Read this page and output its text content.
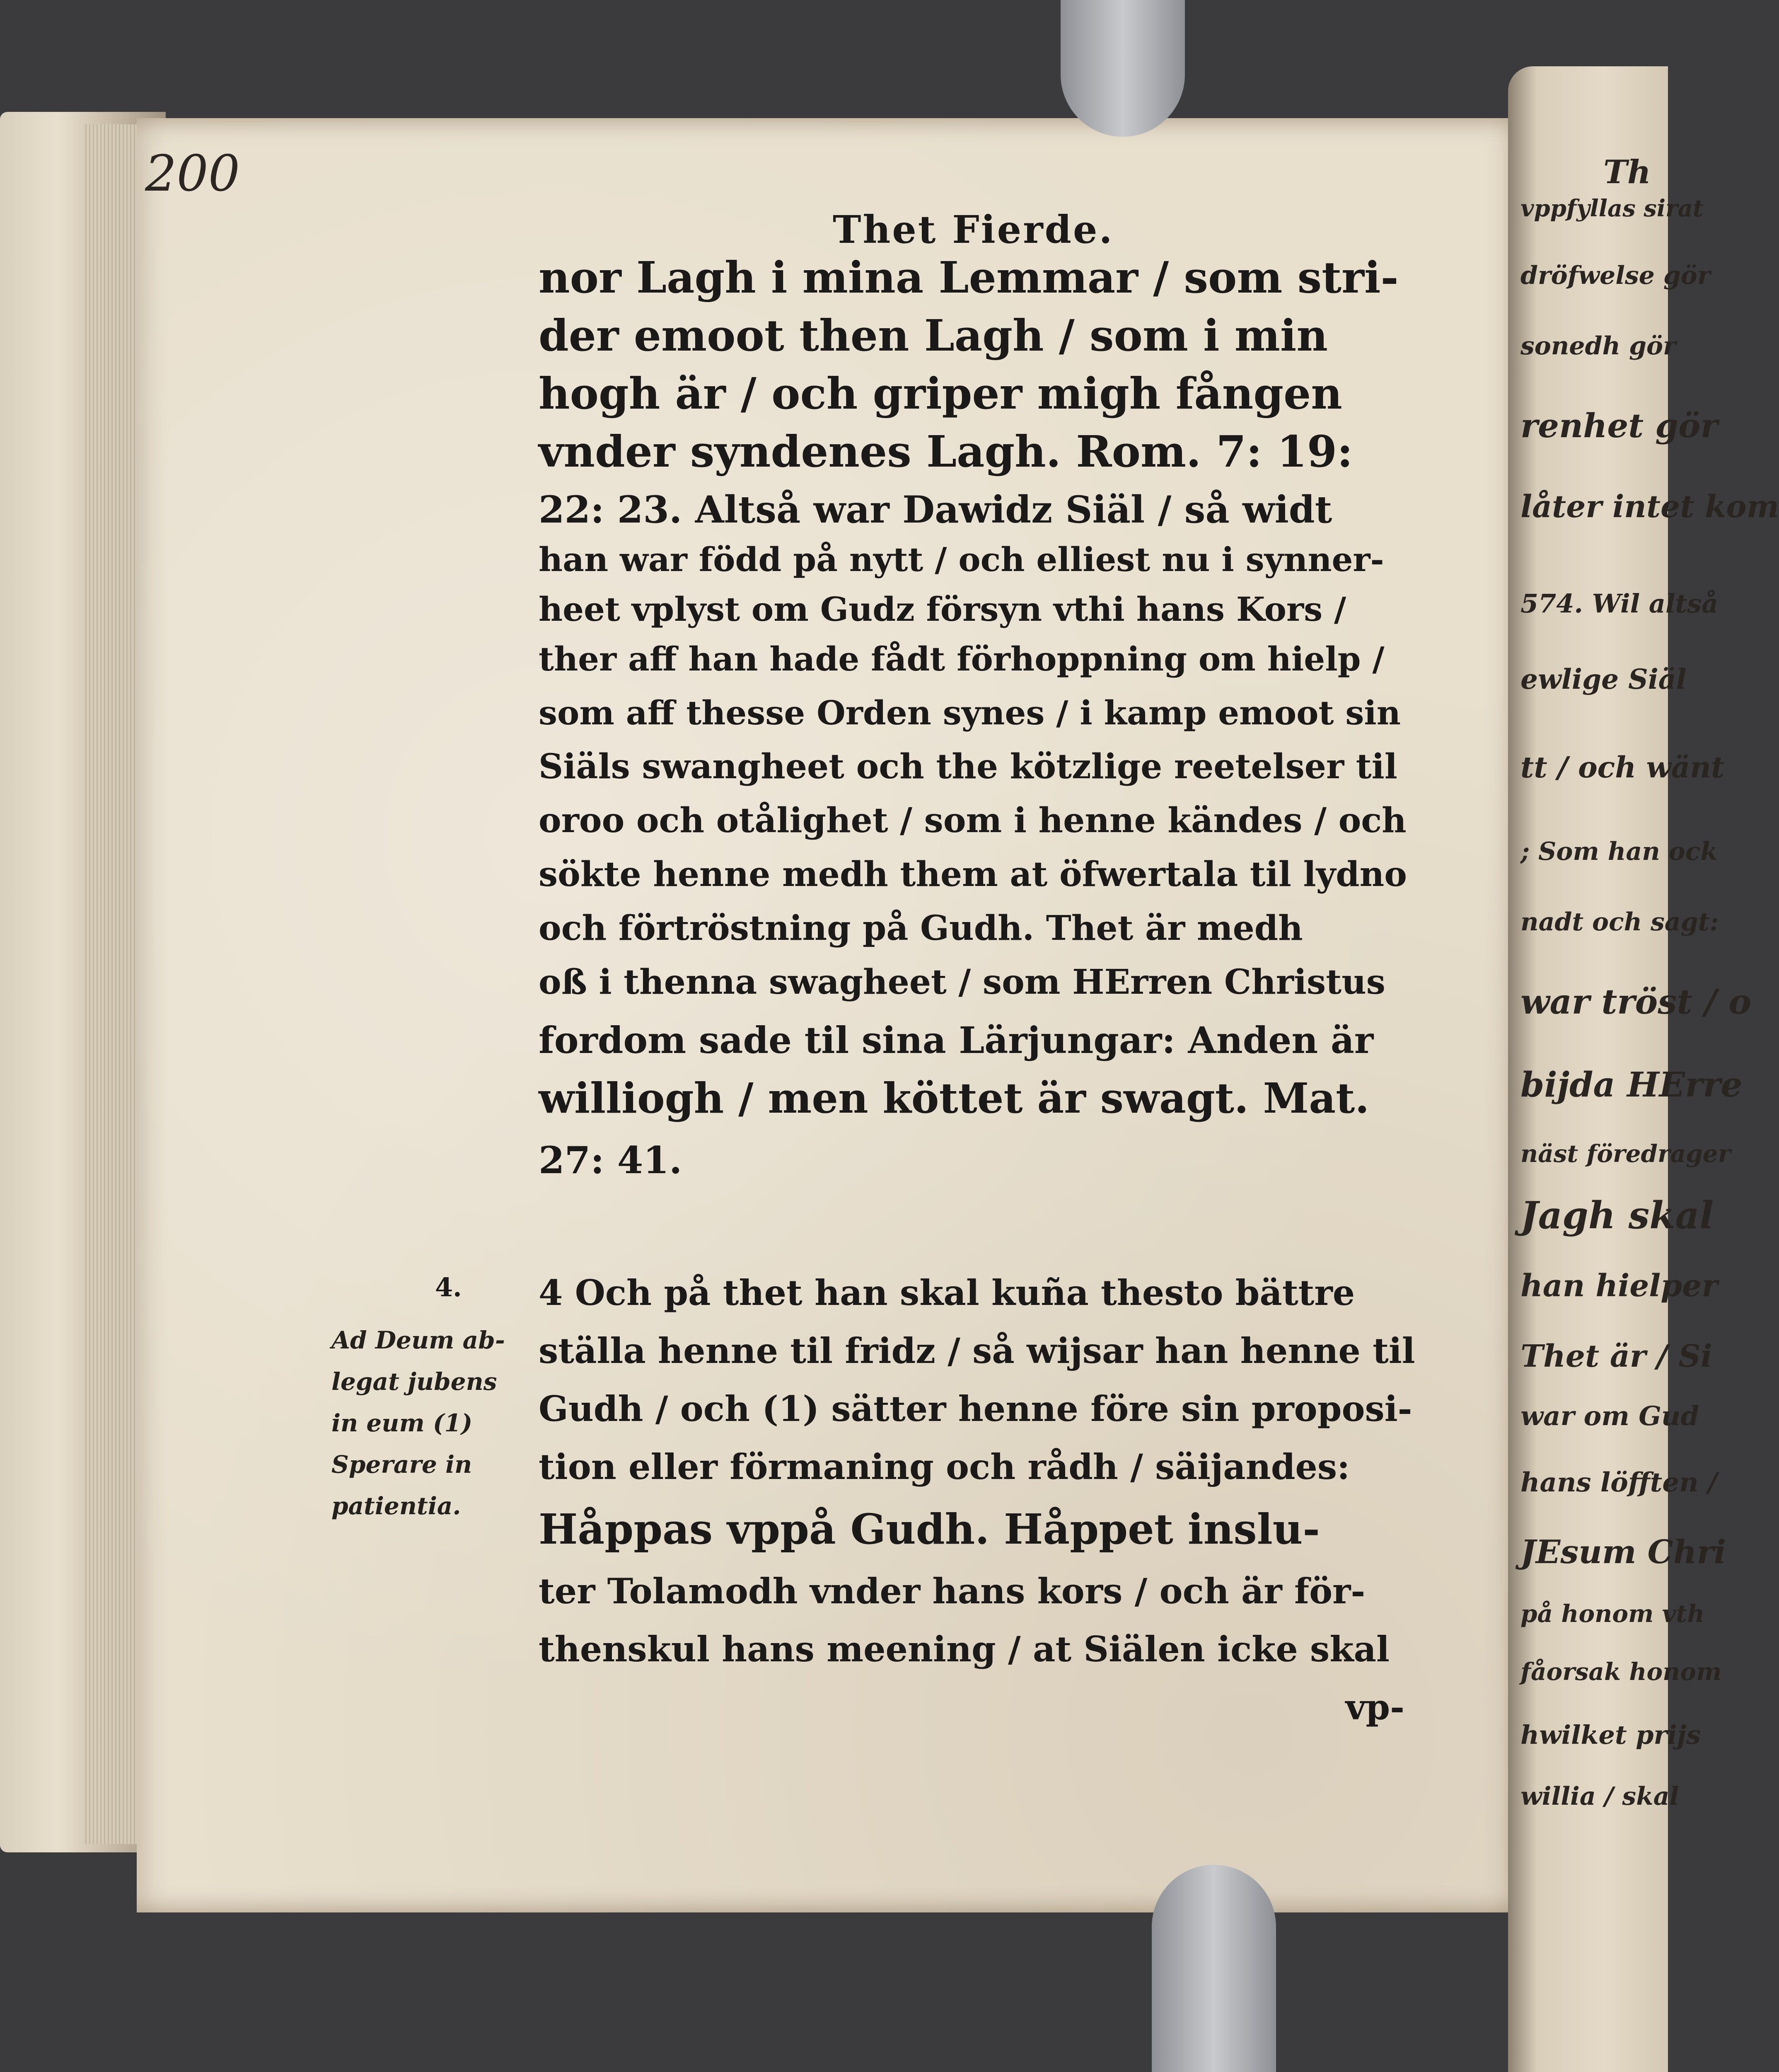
Th
vppfyllas sirat
dröfwelse gör
sonedh gör
renhet gör
låter intet kom
574. Wil altså
ewlige Siäl
tt / och wänt
; Som han ock
nadt och sagt:
war tröst / o
bijda HErre
näst föredrager
Jagh skal
han hielper
Thet är / Si
war om Gud
hans löfften /
JEsum Chri
på honom vth
fåorsak honom
hwilket prijs
willia / skal
200
Thet Fierde.
nor Lagh i mina Lemmar / som stri-
der emoot then Lagh / som i min
hogh är / och griper migh fången
vnder syndenes Lagh. Rom. 7: 19:
22: 23. Altså war Dawidz Siäl / så widt
han war född på nytt / och elliest nu i synner-
heet vplyst om Gudz försyn vthi hans Kors /
ther aff han hade fådt förhoppning om hielp /
som aff thesse Orden synes / i kamp emoot sin
Siäls swangheet och the kötzlige reetelser til
oroo och otålighet / som i henne kändes / och
sökte henne medh them at öfwertala til lydno
och förtröstning på Gudh. Thet är medh
oß i thenna swagheet / som HErren Christus
fordom sade til sina Lärjungar: Anden är
williogh / men köttet är swagt. Mat.
27: 41.
4 Och på thet han skal kuña thesto bättre
ställa henne til fridz / så wijsar han henne til
Gudh / och (1) sätter henne före sin proposi-
tion eller förmaning och rådh / säijandes:
Håppas vppå Gudh. Håppet inslu-
ter Tolamodh vnder hans kors / och är för-
thenskul hans meening / at Siälen icke skal
vp-
4.
Ad Deum ab-
legat jubens
in eum (1)
Sperare in
patientia.
